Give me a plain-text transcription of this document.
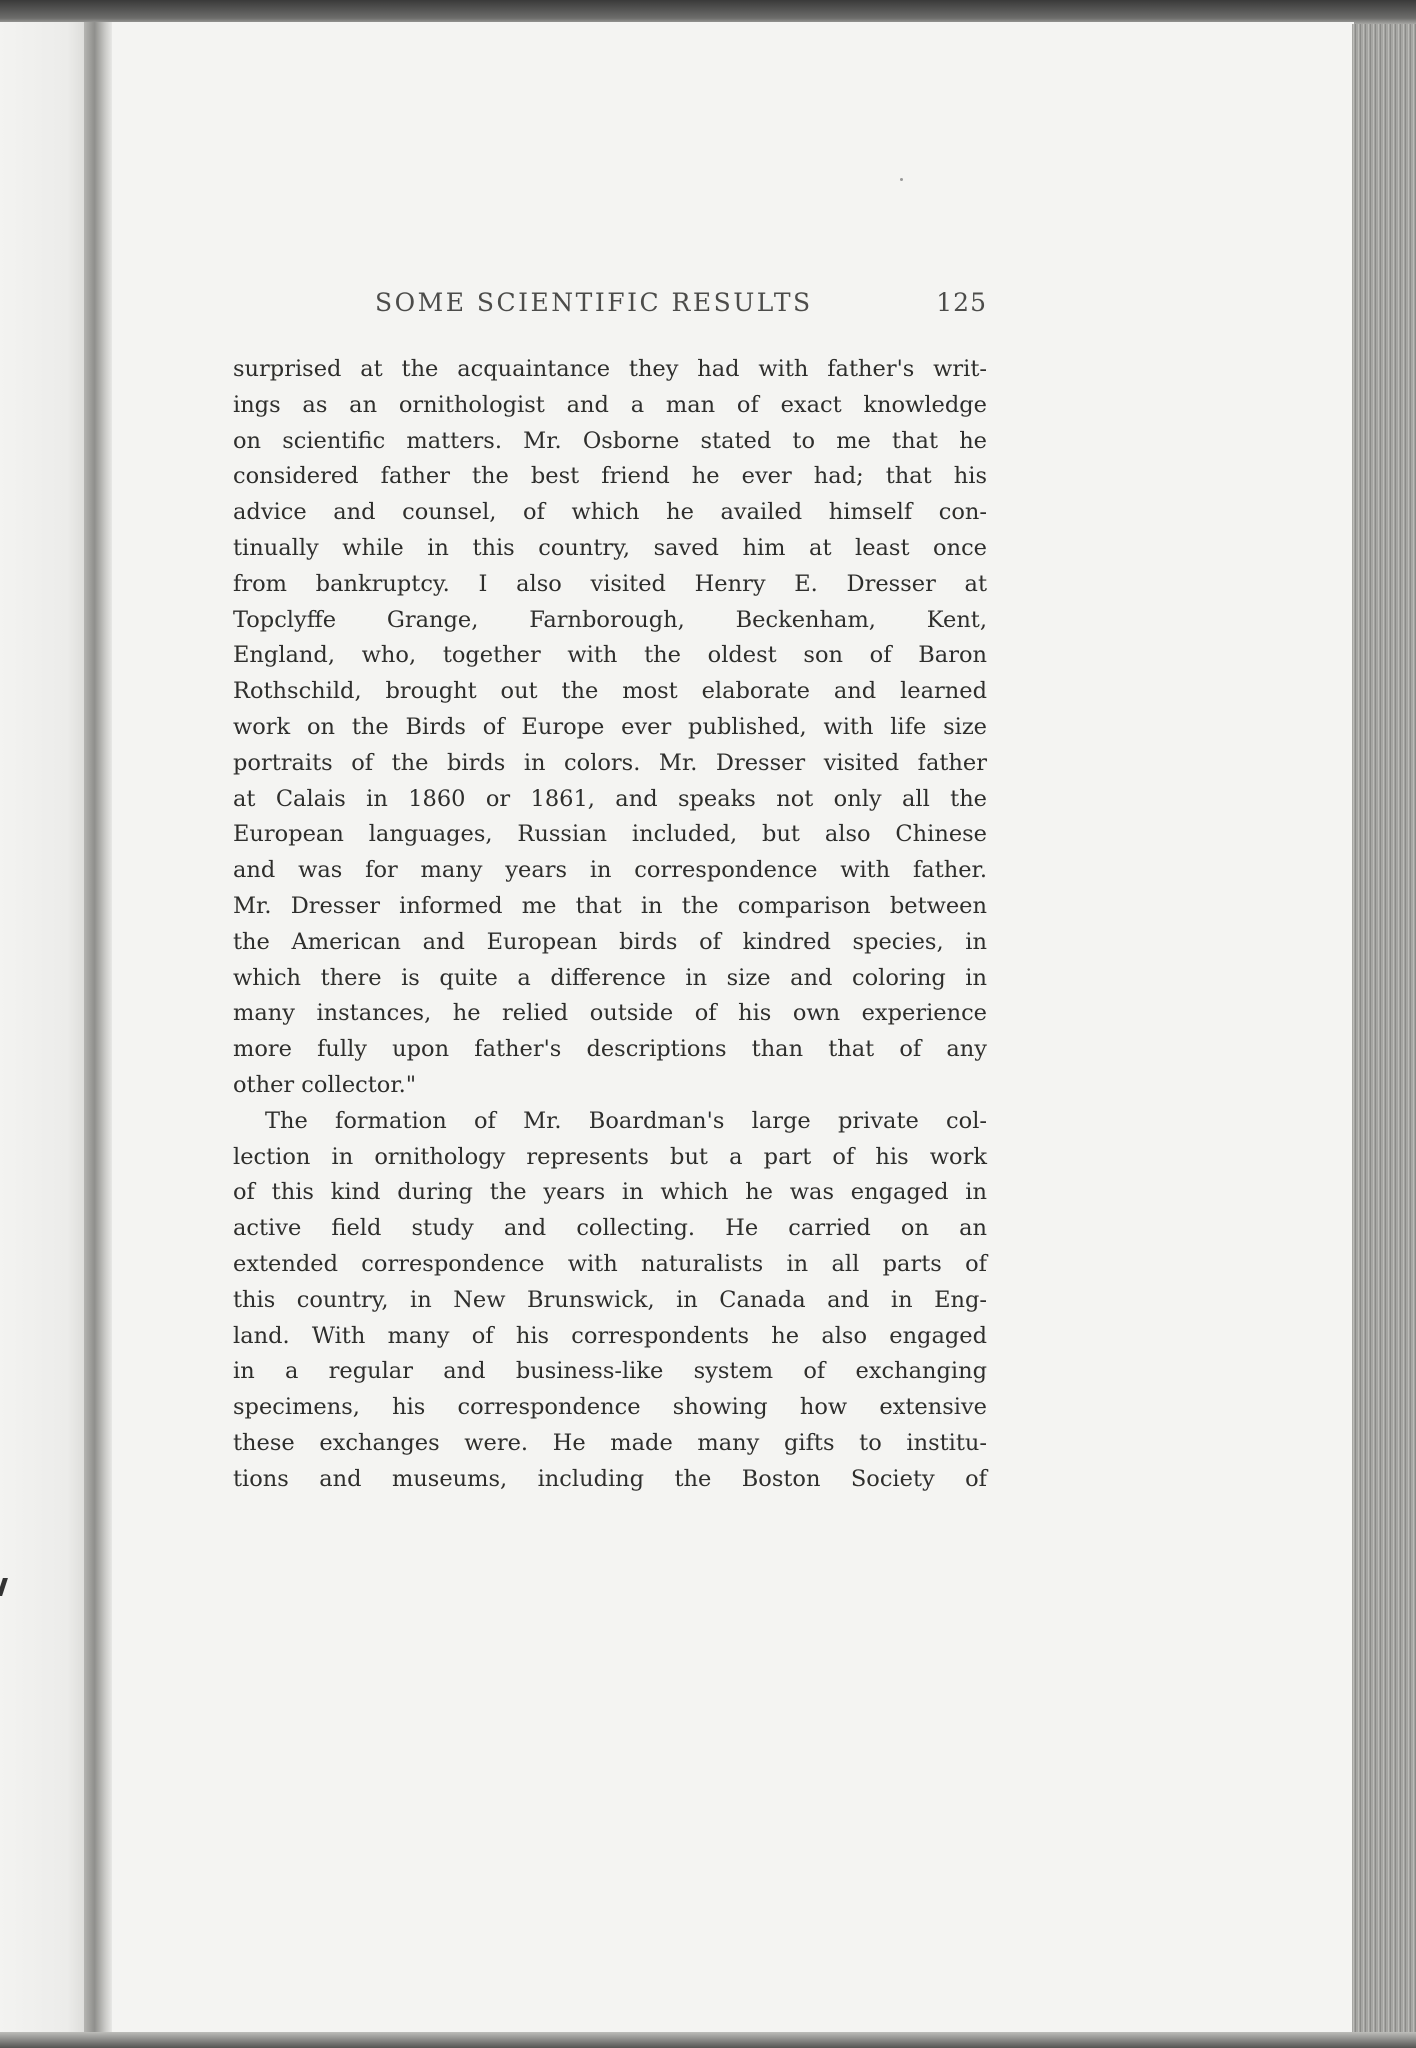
SOME SCIENTIFIC RESULTS	125
surprised at the acquaintance they had with father's writ-
ings as an ornithologist and a man of exact knowledge
on scientific matters. Mr. Osborne stated to me that he
considered father the best friend he ever had; that his
advice and counsel, of which he availed himself con-
tinually while in this country, saved him at least once
from bankruptcy. I also visited Henry E. Dresser at
Topclyffe Grange, Farnborough, Beckenham, Kent,
England, who, together with the oldest son of Baron
Rothschild, brought out the most elaborate and learned
work on the Birds of Europe ever published, with life size
portraits of the birds in colors. Mr. Dresser visited father
at Calais in 1860 or 1861, and speaks not only all the
European languages, Russian included, but also Chinese
and was for many years in correspondence with father.
Mr. Dresser informed me that in the comparison between
the American and European birds of kindred species, in
which there is quite a difference in size and coloring in
many instances, he relied outside of his own experience
more fully upon father's descriptions than that of any
other collector."
The formation of Mr. Boardman's large private col-
lection in ornithology represents but a part of his work
of this kind during the years in which he was engaged in
active field study and collecting. He carried on an
extended correspondence with naturalists in all parts of
this country, in New Brunswick, in Canada and in Eng-
land. With many of his correspondents he also engaged
in a regular and business-like system of exchanging
specimens, his correspondence showing how extensive
these exchanges were. He made many gifts to institu-
tions and museums, including the Boston Society of
